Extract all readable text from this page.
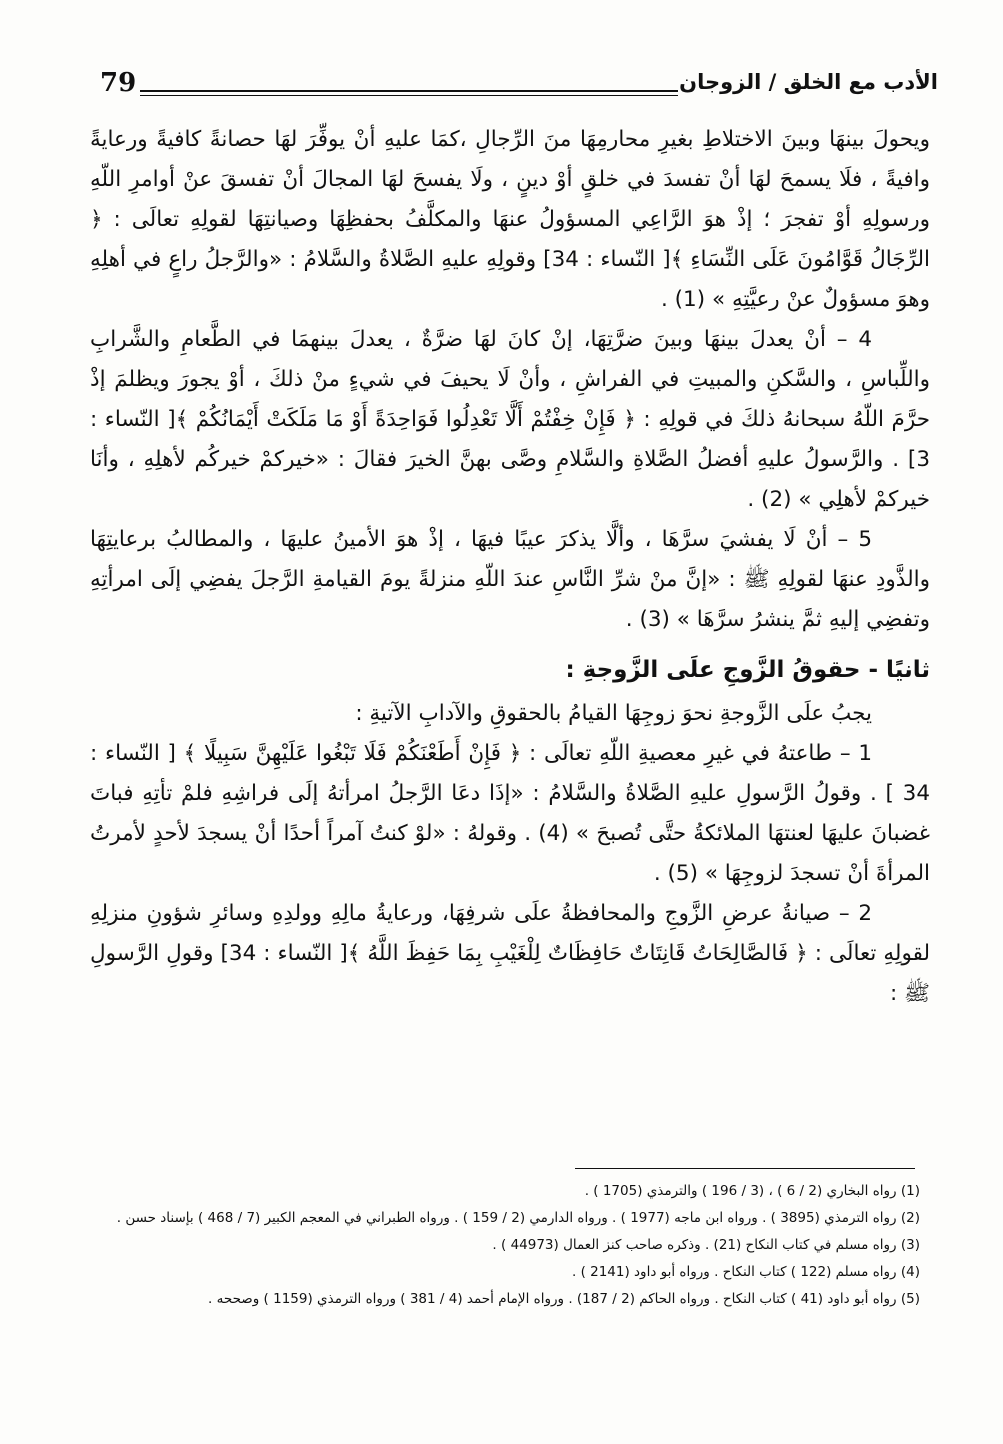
79	الأدب مع الخلق / الزوجان

ويحولَ بينهَا وبينَ الاختلاطِ بغيرِ محارمِهَا منَ الرِّجالِ ،كمَا عليهِ أنْ يوفِّرَ لهَا حصانةً كافيةً ورعايةً وافيةً ، فلَا يسمحَ لهَا أنْ تفسدَ في خلقٍ أوْ دينٍ ، ولَا يفسحَ لهَا المجالَ أنْ تفسقَ عنْ أوامرِ اللّهِ ورسولِهِ أوْ تفجرَ ؛ إذْ هوَ الرَّاعِي المسؤولُ عنهَا والمكلَّفُ بحفظِهَا وصيانتِهَا لقولِهِ تعالَى : ﴿ الرِّجَالُ قَوَّامُونَ عَلَى النِّسَاءِ ﴾[ النّساء : 34] وقولِهِ عليهِ الصَّلاةُ والسَّلامُ : «والرَّجلُ راعٍ في أهلِهِ وهوَ مسؤولٌ عنْ رعيَّتِهِ » (1) .

4 – أنْ يعدلَ بينهَا وبينَ ضرَّتِهَا، إنْ كانَ لهَا ضرَّةٌ ، يعدلَ بينهمَا في الطَّعامِ والشَّرابِ واللِّباسِ ، والسَّكنِ والمبيتِ في الفراشِ ، وأنْ لَا يحيفَ في شيءٍ منْ ذلكَ ، أوْ يجورَ ويظلمَ إذْ حرَّمَ اللّهُ سبحانهُ ذلكَ في قولِهِ : ﴿ فَإِنْ خِفْتُمْ أَلَّا تَعْدِلُوا فَوَاحِدَةً أَوْ مَا مَلَكَتْ أَيْمَانُكُمْ ﴾[ النّساء : 3] . والرَّسولُ عليهِ أفضلُ الصَّلاةِ والسَّلامِ وصَّى بهنَّ الخيرَ فقالَ : «خيركمْ خيركُم لأهلِهِ ، وأنَا خيركمْ لأهلِي » (2) .

5 – أنْ لَا يفشيَ سرَّهَا ، وألَّا يذكرَ عيبًا فيهَا ، إذْ هوَ الأمينُ عليهَا ، والمطالبُ برعايتِهَا والذَّودِ عنهَا لقولِهِ ﷺ : «إنَّ منْ شرِّ النَّاسِ عندَ اللّهِ منزلةً يومَ القيامةِ الرَّجلَ يفضِي إلَى امرأتِهِ وتفضِي إليهِ ثمَّ ينشرُ سرَّهَا » (3) .

ثانيًا - حقوقُ الزَّوجِ علَى الزَّوجةِ :

يجبُ علَى الزَّوجةِ نحوَ زوجِهَا القيامُ بالحقوقِ والآدابِ الآتيةِ :

1 – طاعتهُ في غيرِ معصيةِ اللّهِ تعالَى : ﴿ فَإِنْ أَطَعْنَكُمْ فَلَا تَبْغُوا عَلَيْهِنَّ سَبِيلًا ﴾ [ النّساء : 34 ] . وقولُ الرَّسولِ عليهِ الصَّلاةُ والسَّلامُ : «إذَا دعَا الرَّجلُ امرأتهُ إلَى فراشِهِ فلمْ تأتِهِ فباتَ غضبانَ عليهَا لعنتهَا الملائكةُ حتَّى تُصبحَ » (4) . وقولهُ : «لوْ كنتُ آمراً أحدًا أنْ يسجدَ لأحدٍ لأمرتُ المرأةَ أنْ تسجدَ لزوجِهَا » (5) .

2 – صيانةُ عرضِ الزَّوجِ والمحافظةُ علَى شرفِهَا، ورعايةُ مالِهِ وولدِهِ وسائرِ شؤونِ منزلِهِ لقولِهِ تعالَى : ﴿ فَالصَّالِحَاتُ قَانِتَاتٌ حَافِظَاتٌ لِلْغَيْبِ بِمَا حَفِظَ اللَّهُ ﴾[ النّساء : 34] وقولِ الرَّسولِ ﷺ :

(1) رواه البخاري (2 / 6 ) ، (3 / 196 ) والترمذي (1705 ) .
(2) رواه الترمذي (3895 ) . ورواه ابن ماجه (1977 ) . ورواه الدارمي (2 / 159 ) . ورواه الطبراني في المعجم الكبير (7 / 468 ) بإسناد حسن .
(3) رواه مسلم في كتاب النكاح (21) . وذكره صاحب كنز العمال (44973 ) .
(4) رواه مسلم (122 ) كتاب النكاح . ورواه أبو داود (2141 ) .
(5) رواه أبو داود (41 ) كتاب النكاح . ورواه الحاكم (2 / 187) . ورواه الإمام أحمد (4 / 381 ) ورواه الترمذي (1159 ) وصححه .
